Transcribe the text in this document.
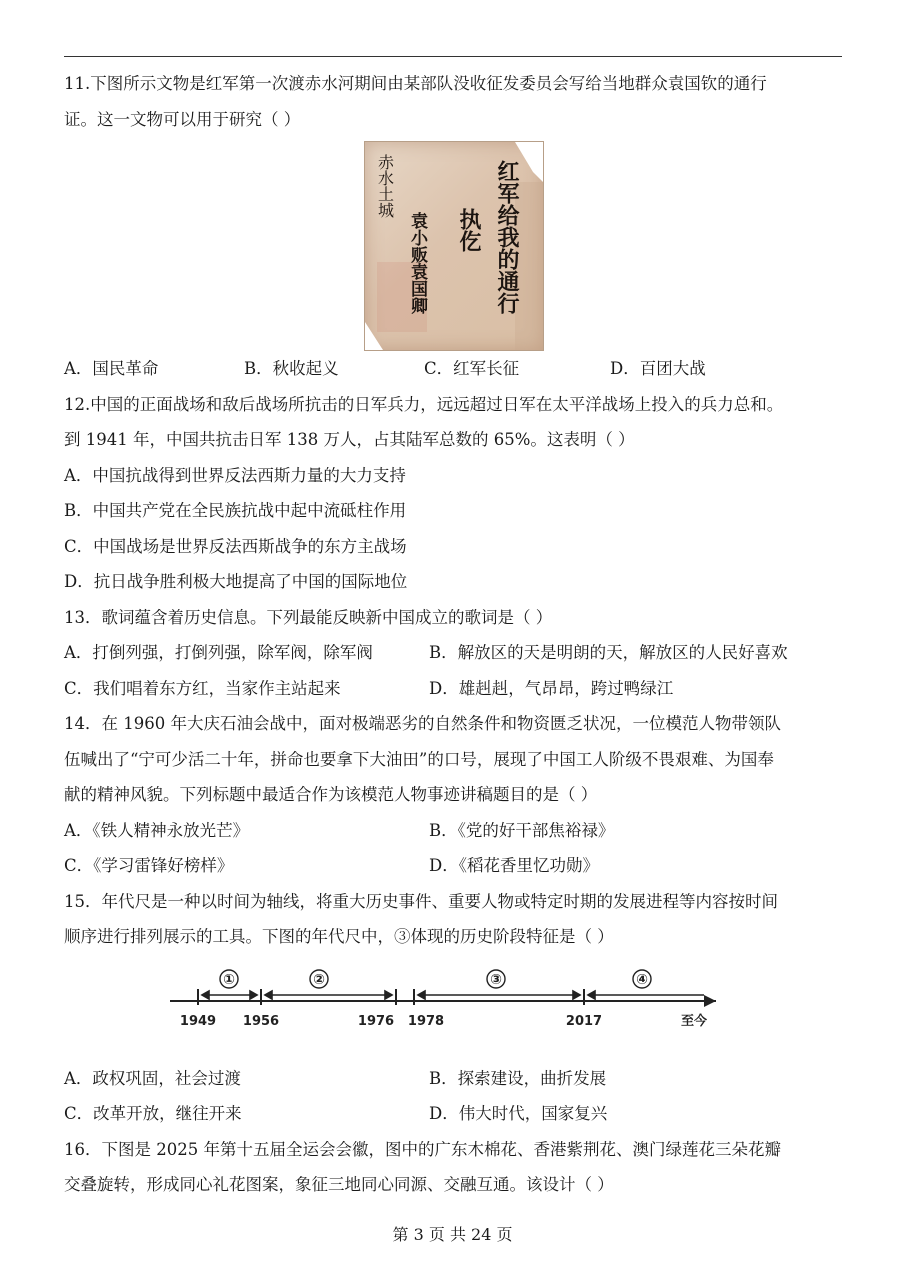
11.下图所示文物是红军第一次渡赤水河期间由某部队没收征发委员会写给当地群众袁国钦的通行
证。这一文物可以用于研究（ ）
红军给我的通行
执仡
赤水土城
袁小贩袁国卿
A．国民革命	B．秋收起义	C．红军长征	D．百团大战
12.中国的正面战场和敌后战场所抗击的日军兵力，远远超过日军在太平洋战场上投入的兵力总和。
到 1941 年，中国共抗击日军 138 万人，占其陆军总数的 65%。这表明（ ）
A．中国抗战得到世界反法西斯力量的大力支持
B．中国共产党在全民族抗战中起中流砥柱作用
C．中国战场是世界反法西斯战争的东方主战场
D．抗日战争胜利极大地提高了中国的国际地位
13．歌词蕴含着历史信息。下列最能反映新中国成立的歌词是（ ）
A．打倒列强，打倒列强，除军阀，除军阀	B．解放区的天是明朗的天，解放区的人民好喜欢
C．我们唱着东方红，当家作主站起来	D．雄赳赳，气昂昂，跨过鸭绿江
14．在 1960 年大庆石油会战中，面对极端恶劣的自然条件和物资匮乏状况，一位模范人物带领队
伍喊出了“宁可少活二十年，拼命也要拿下大油田”的口号，展现了中国工人阶级不畏艰难、为国奉
献的精神风貌。下列标题中最适合作为该模范人物事迹讲稿题目的是（ ）
A．《铁人精神永放光芒》	B．《党的好干部焦裕禄》
C．《学习雷锋好榜样》	D．《稻花香里忆功勋》
15．年代尺是一种以时间为轴线，将重大历史事件、重要人物或特定时期的发展进程等内容按时间
顺序进行排列展示的工具。下图的年代尺中，③体现的历史阶段特征是（ ）
①	②	③	④
1949 1956	1976 1978	2017	至今
A．政权巩固，社会过渡	B．探索建设，曲折发展
C．改革开放，继往开来	D．伟大时代，国家复兴
16．下图是 2025 年第十五届全运会会徽，图中的广东木棉花、香港紫荆花、澳门绿莲花三朵花瓣
交叠旋转，形成同心礼花图案，象征三地同心同源、交融互通。该设计（ ）
第 3 页 共 24 页
